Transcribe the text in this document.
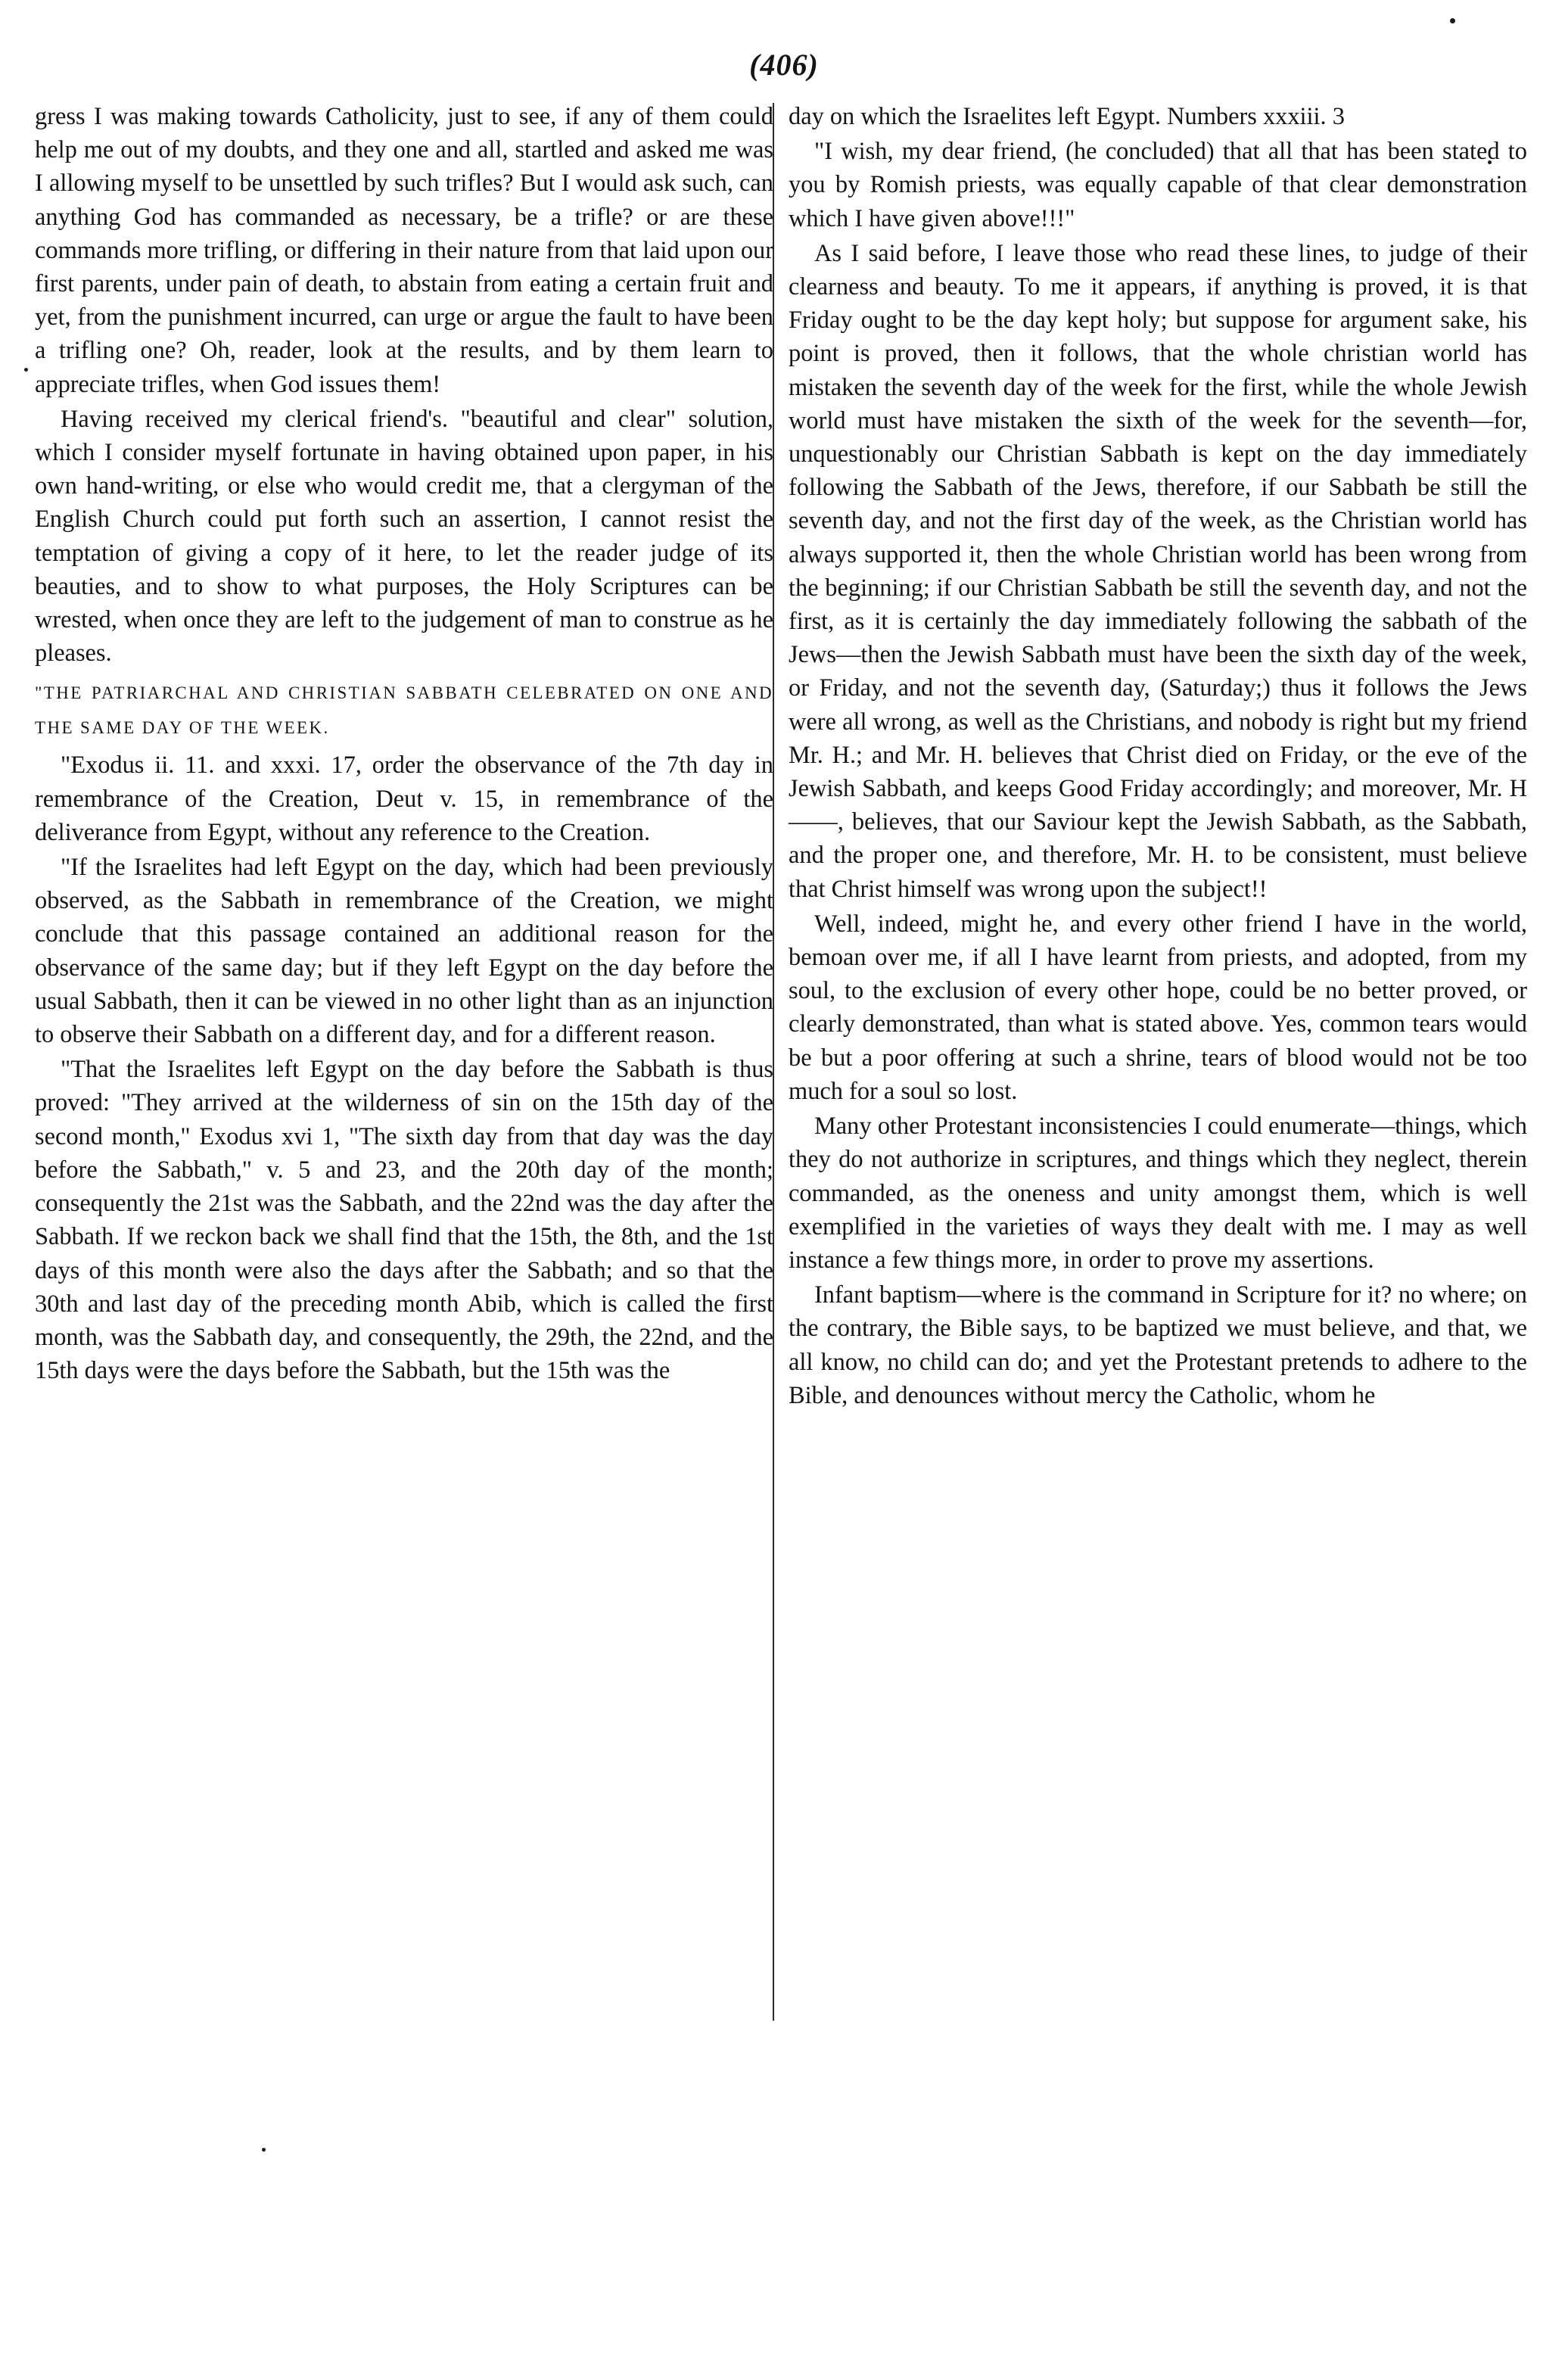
(406)

gress I was making towards Catholicity, just to see, if any of them could help me out of my doubts, and they one and all, startled and asked me was I allowing myself to be unsettled by such trifles? But I would ask such, can anything God has commanded as necessary, be a trifle? or are these commands more trifling, or differing in their nature from that laid upon our first parents, under pain of death, to abstain from eating a certain fruit and yet, from the punishment incurred, can urge or argue the fault to have been a trifling one? Oh, reader, look at the results, and by them learn to appreciate trifles, when God issues them!

Having received my clerical friend's. "beautiful and clear" solution, which I consider myself fortunate in having obtained upon paper, in his own hand-writing, or else who would credit me, that a clergyman of the English Church could put forth such an assertion, I cannot resist the temptation of giving a copy of it here, to let the reader judge of its beauties, and to show to what purposes, the Holy Scriptures can be wrested, when once they are left to the judgement of man to construe as he pleases.

"THE PATRIARCHAL AND CHRISTIAN SABBATH CELEBRATED ON ONE AND THE SAME DAY OF THE WEEK.

"Exodus ii. 11. and xxxi. 17, order the observance of the 7th day in remembrance of the Creation, Deut v. 15, in remembrance of the deliverance from Egypt, without any reference to the Creation.

"If the Israelites had left Egypt on the day, which had been previously observed, as the Sabbath in remembrance of the Creation, we might conclude that this passage contained an additional reason for the observance of the same day; but if they left Egypt on the day before the usual Sabbath, then it can be viewed in no other light than as an injunction to observe their Sabbath on a different day, and for a different reason.

"That the Israelites left Egypt on the day before the Sabbath is thus proved: "They arrived at the wilderness of sin on the 15th day of the second month," Exodus xvi 1, "The sixth day from that day was the day before the Sabbath," v. 5 and 23, and the 20th day of the month; consequently the 21st was the Sabbath, and the 22nd was the day after the Sabbath. If we reckon back we shall find that the 15th, the 8th, and the 1st days of this month were also the days after the Sabbath; and so that the 30th and last day of the preceding month Abib, which is called the first month, was the Sabbath day, and consequently, the 29th, the 22nd, and the 15th days were the days before the Sabbath, but the 15th was the

day on which the Israelites left Egypt. Numbers xxxiii. 3

"I wish, my dear friend, (he concluded) that all that has been stated to you by Romish priests, was equally capable of that clear demonstration which I have given above!!!"

As I said before, I leave those who read these lines, to judge of their clearness and beauty. To me it appears, if anything is proved, it is that Friday ought to be the day kept holy; but suppose for argument sake, his point is proved, then it follows, that the whole christian world has mistaken the seventh day of the week for the first, while the whole Jewish world must have mistaken the sixth of the week for the seventh—for, unquestionably our Christian Sabbath is kept on the day immediately following the Sabbath of the Jews, therefore, if our Sabbath be still the seventh day, and not the first day of the week, as the Christian world has always supported it, then the whole Christian world has been wrong from the beginning; if our Christian Sabbath be still the seventh day, and not the first, as it is certainly the day immediately following the sabbath of the Jews—then the Jewish Sabbath must have been the sixth day of the week, or Friday, and not the seventh day, (Saturday;) thus it follows the Jews were all wrong, as well as the Christians, and nobody is right but my friend Mr. H.; and Mr. H. believes that Christ died on Friday, or the eve of the Jewish Sabbath, and keeps Good Friday accordingly; and moreover, Mr. H——, believes, that our Saviour kept the Jewish Sabbath, as the Sabbath, and the proper one, and therefore, Mr. H. to be consistent, must believe that Christ himself was wrong upon the subject!!

Well, indeed, might he, and every other friend I have in the world, bemoan over me, if all I have learnt from priests, and adopted, from my soul, to the exclusion of every other hope, could be no better proved, or clearly demonstrated, than what is stated above. Yes, common tears would be but a poor offering at such a shrine, tears of blood would not be too much for a soul so lost.

Many other Protestant inconsistencies I could enumerate—things, which they do not authorize in scriptures, and things which they neglect, therein commanded, as the oneness and unity amongst them, which is well exemplified in the varieties of ways they dealt with me. I may as well instance a few things more, in order to prove my assertions.

Infant baptism—where is the command in Scripture for it? no where; on the contrary, the Bible says, to be baptized we must believe, and that, we all know, no child can do; and yet the Protestant pretends to adhere to the Bible, and denounces without mercy the Catholic, whom he
